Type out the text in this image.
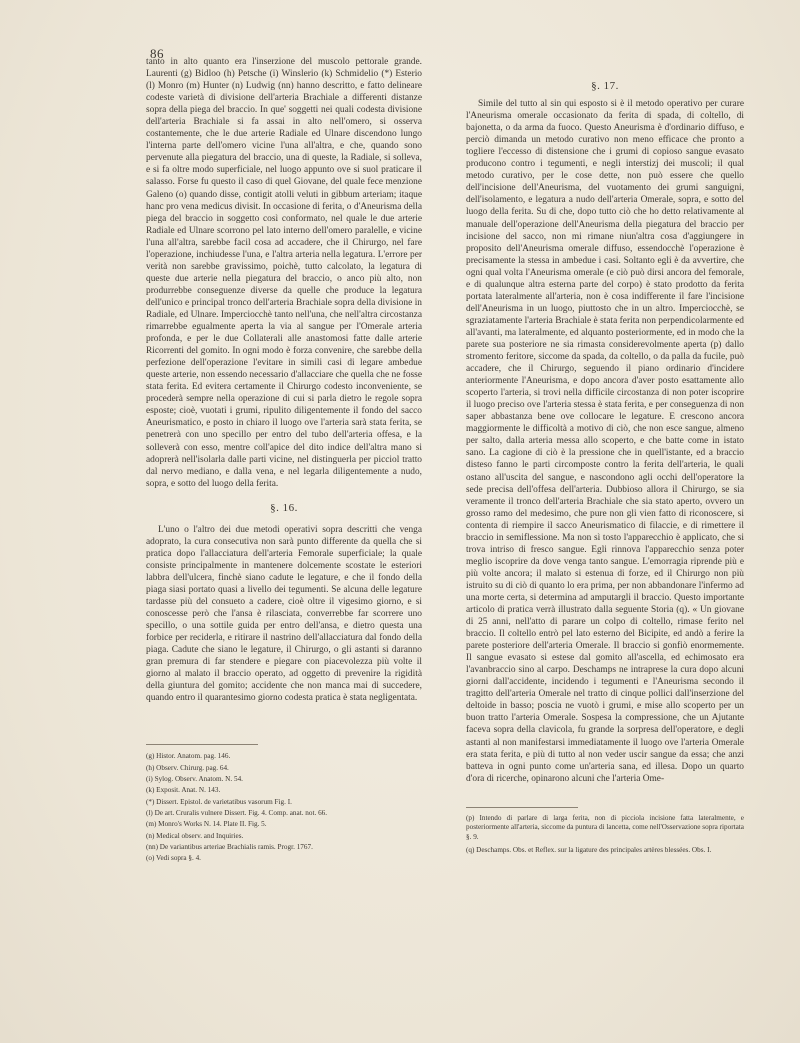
86

tanto in alto quanto era l'inserzione del muscolo pettorale grande. Laurenti (g) Bidloo (h) Petsche (i) Winslerio (k) Schmidelio (*) Esterio (l) Monro (m) Hunter (n) Ludwig (nn) hanno descritto, e fatto delineare codeste varietà di divisione dell'arteria Brachiale a differenti distanze sopra della piega del braccio. In que' soggetti nei quali codesta divisione dell'arteria Brachiale si fa assai in alto nell'omero, si osserva costantemente, che le due arterie Radiale ed Ulnare discendono lungo l'interna parte dell'omero vicine l'una all'altra, e che, quando sono pervenute alla piegatura del braccio, una di queste, la Radiale, si solleva, e si fa oltre modo superficiale, nel luogo appunto ove si suol praticare il salasso. Forse fu questo il caso di quel Giovane, del quale fece menzione Galeno (o) quando disse, contigit atolli veluti in gibbum arteriam; itaque hanc pro vena medicus divisit. In occasione di ferita, o d'Aneurisma della piega del braccio in soggetto così conformato, nel quale le due arterie Radiale ed Ulnare scorrono pel lato interno dell'omero paralelle, e vicine l'una all'altra, sarebbe facil cosa ad accadere, che il Chirurgo, nel fare l'operazione, inchiudesse l'una, e l'altra arteria nella legatura. L'errore per verità non sarebbe gravissimo, poichè, tutto calcolato, la legatura di queste due arterie nella piegatura del braccio, o anco più alto, non produrrebbe conseguenze diverse da quelle che produce la legatura dell'unico e principal tronco dell'arteria Brachiale sopra della divisione in Radiale, ed Ulnare. Imperciocchè tanto nell'una, che nell'altra circostanza rimarrebbe egualmente aperta la via al sangue per l'Omerale arteria profonda, e per le due Collaterali alle anastomosi fatte dalle arterie Ricorrenti del gomito. In ogni modo è forza convenire, che sarebbe della perfezione dell'operazione l'evitare in simili casi di legare ambedue queste arterie, non essendo necessario d'allacciare che quella che ne fosse stata ferita. Ed evitera certamente il Chirurgo codesto inconveniente, se procederà sempre nella operazione di cui si parla dietro le regole sopra esposte; cioè, vuotati i grumi, ripulito diligentemente il fondo del sacco Aneurismatico, e posto in chiaro il luogo ove l'arteria sarà stata ferita, se penetrerà con uno specillo per entro del tubo dell'arteria offesa, e la solleverà con esso, mentre coll'apice del dito indice dell'altra mano si adoprerà nell'isolarla dalle parti vicine, nel distinguerla per picciol tratto dal nervo mediano, e dalla vena, e nel legarla diligentemente a nudo, sopra, e sotto del luogo della ferita.

§. 16.

L'uno o l'altro dei due metodi operativi sopra descritti che venga adoprato, la cura consecutiva non sarà punto differente da quella che si pratica dopo l'allacciatura dell'arteria Femorale superficiale; la quale consiste principalmente in mantenere dolcemente scostate le esteriori labbra dell'ulcera, finchè siano cadute le legature, e che il fondo della piaga siasi portato quasi a livello dei tegumenti. Se alcuna delle legature tardasse più del consueto a cadere, cioè oltre il vigesimo giorno, e si conoscesse però che l'ansa è rilasciata, converrebbe far scorrere uno specillo, o una sottile guida per entro dell'ansa, e dietro questa una forbice per reciderla, e ritirare il nastrino dell'allacciatura dal fondo della piaga. Cadute che siano le legature, il Chirurgo, o gli astanti si daranno gran premura di far stendere e piegare con piacevolezza più volte il giorno al malato il braccio operato, ad oggetto di prevenire la rigidità della giuntura del gomito; accidente che non manca mai di succedere, quando entro il quarantesimo giorno codesta pratica è stata negligentata.

(g) Histor. Anatom. pag. 146.
(h) Observ. Chirurg. pag. 64.
(i) Sylog. Observ. Anatom. N. 54.
(k) Exposit. Anat. N. 143.
(*) Dissert. Epistol. de varietatibus vasorum Fig. I.
(l) De art. Cruralis vulnere Dissert. Fig. 4. Comp. anat. not. 66.
(m) Monro's Works N. 14. Plate II. Fig. 5.
(n) Medical observ. and Inquiries.
(nn) De variantibus arteriae Brachialis ramis. Progr. 1767.
(o) Vedi sopra §. 4.
§. 17.

Simile del tutto al sin qui esposto si è il metodo operativo per curare l'Aneurisma omerale occasionato da ferita di spada, di coltello, di bajonetta, o da arma da fuoco. Questo Aneurisma è d'ordinario diffuso, e perciò dimanda un metodo curativo non meno efficace che pronto a togliere l'eccesso di distensione che i grumi di copioso sangue evasato producono contro i tegumenti, e negli interstizj dei muscoli; il qual metodo curativo, per le cose dette, non può essere che quello dell'incisione dell'Aneurisma, del vuotamento dei grumi sanguigni, dell'isolamento, e legatura a nudo dell'arteria Omerale, sopra, e sotto del luogo della ferita. Su di che, dopo tutto ciò che ho detto relativamente al manuale dell'operazione dell'Aneurisma della piegatura del braccio per incisione del sacco, non mi rimane niun'altra cosa d'aggiungere in proposito dell'Aneurisma omerale diffuso, essendocchè l'operazione è precisamente la stessa in ambedue i casi. Soltanto egli è da avvertire, che ogni qual volta l'Aneurisma omerale (e ciò può dirsi ancora del femorale, e di qualunque altra esterna parte del corpo) è stato prodotto da ferita portata lateralmente all'arteria, non è cosa indifferente il fare l'incisione dell'Aneurisma in un luogo, piuttosto che in un altro. Imperciocchè, se sgraziatamente l'arteria Brachiale è stata ferita non perpendicolarmente ed all'avanti, ma lateralmente, ed alquanto posteriormente, ed in modo che la parete sua posteriore ne sia rimasta considerevolmente aperta (p) dallo stromento feritore, siccome da spada, da coltello, o da palla da fucile, può accadere, che il Chirurgo, seguendo il piano ordinario d'incidere anteriormente l'Aneurisma, e dopo ancora d'aver posto esattamente allo scoperto l'arteria, si trovi nella difficile circostanza di non poter iscoprire il luogo preciso ove l'arteria stessa è stata ferita, e per conseguenza di non saper abbastanza bene ove collocare le legature. E crescono ancora maggiormente le difficoltà a motivo di ciò, che non esce sangue, almeno per salto, dalla arteria messa allo scoperto, e che batte come in istato sano. La cagione di ciò è la pressione che in quell'istante, ed a braccio disteso fanno le parti circomposte contro la ferita dell'arteria, le quali ostano all'uscita del sangue, e nascondono agli occhi dell'operatore la sede precisa dell'offesa dell'arteria. Dubbioso allora il Chirurgo, se sia veramente il tronco dell'arteria Brachiale che sia stato aperto, ovvero un grosso ramo del medesimo, che pure non gli vien fatto di riconoscere, si contenta di riempire il sacco Aneurismatico di filaccie, e di rimettere il braccio in semiflessione. Ma non sì tosto l'apparecchio è applicato, che si trova intriso di fresco sangue. Egli rinnova l'apparecchio senza poter meglio iscoprire da dove venga tanto sangue. L'emorragia riprende più e più volte ancora; il malato si estenua di forze, ed il Chirurgo non più istruito su di ciò di quanto lo era prima, per non abbandonare l'infermo ad una morte certa, si determina ad amputargli il braccio. Questo importante articolo di pratica verrà illustrato dalla seguente Storia (q). « Un giovane di 25 anni, nell'atto di parare un colpo di coltello, rimase ferito nel braccio. Il coltello entrò pel lato esterno del Bicipite, ed andò a ferire la parete posteriore dell'arteria Omerale. Il braccio si gonfiò enormemente. Il sangue evasato si estese dal gomito all'ascella, ed echimosato era l'avanbraccio sino al carpo. Deschamps ne intraprese la cura dopo alcuni giorni dall'accidente, incidendo i tegumenti e l'Aneurisma secondo il tragitto dell'arteria Omerale nel tratto di cinque pollici dall'inserzione del deltoide in basso; poscia ne vuotò i grumi, e mise allo scoperto per un buon tratto l'arteria Omerale. Sospesa la compressione, che un Ajutante faceva sopra della clavicola, fu grande la sorpresa dell'operatore, e degli astanti al non manifestarsi immediatamente il luogo ove l'arteria Omerale era stata ferita, e più di tutto al non veder uscir sangue da essa; che anzi batteva in ogni punto come un'arteria sana, ed illesa. Dopo un quarto d'ora di ricerche, opinarono alcuni che l'arteria Ome-

(p) Intendo di parlare di larga ferita, non di picciola incisione fatta lateralmente, e posteriormente all'arteria, siccome da puntura di lancetta, come nell'Osservazione sopra riportata §. 9.
(q) Deschamps. Obs. et Reflex. sur la ligature des principales artères blessées. Obs. I.
